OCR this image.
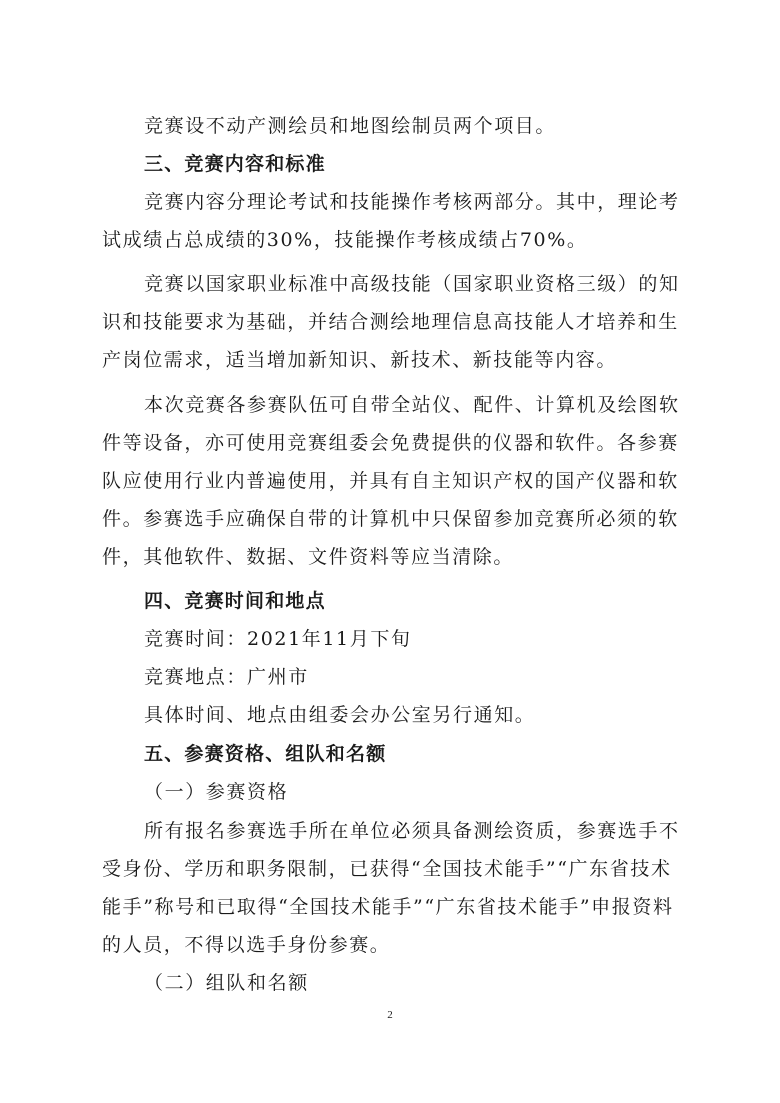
竞赛设不动产测绘员和地图绘制员两个项目。
三、竞赛内容和标准
竞赛内容分理论考试和技能操作考核两部分。其中，理论考
试成绩占总成绩的30%，技能操作考核成绩占70%。
竞赛以国家职业标准中高级技能（国家职业资格三级）的知
识和技能要求为基础，并结合测绘地理信息高技能人才培养和生
产岗位需求，适当增加新知识、新技术、新技能等内容。
本次竞赛各参赛队伍可自带全站仪、配件、计算机及绘图软
件等设备，亦可使用竞赛组委会免费提供的仪器和软件。各参赛
队应使用行业内普遍使用，并具有自主知识产权的国产仪器和软
件。参赛选手应确保自带的计算机中只保留参加竞赛所必须的软
件，其他软件、数据、文件资料等应当清除。
四、竞赛时间和地点
竞赛时间：2021年11月下旬
竞赛地点：广州市
具体时间、地点由组委会办公室另行通知。
五、参赛资格、组队和名额
（一）参赛资格
所有报名参赛选手所在单位必须具备测绘资质，参赛选手不
受身份、学历和职务限制，已获得“全国技术能手”“广东省技术
能手”称号和已取得“全国技术能手”“广东省技术能手”申报资料
的人员，不得以选手身份参赛。
（二）组队和名额
2
